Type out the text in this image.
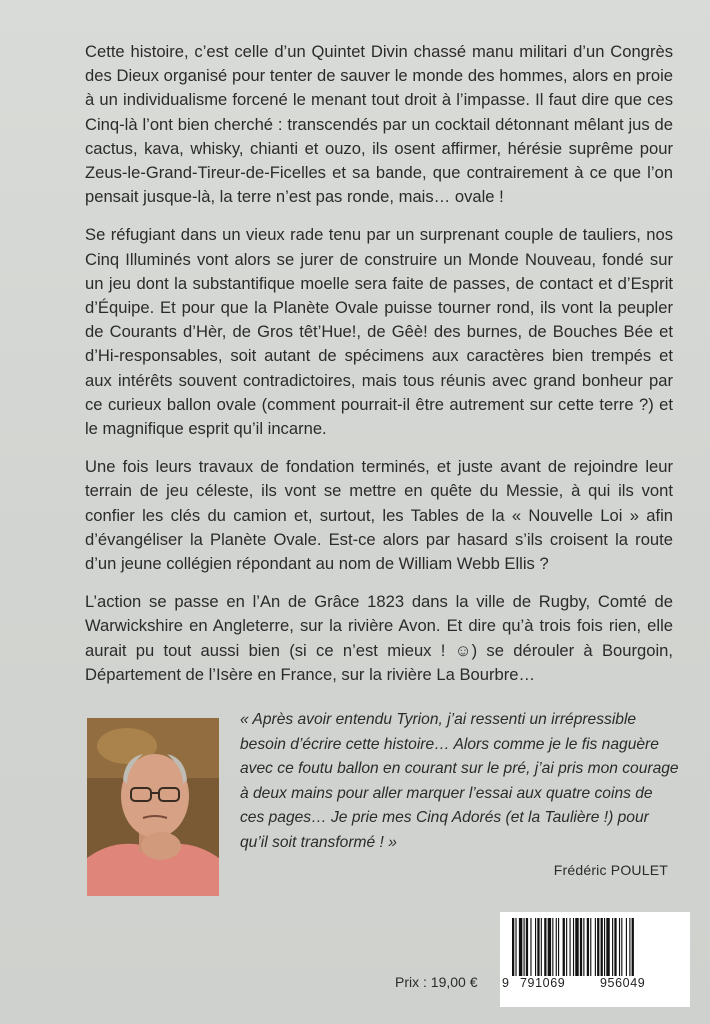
Cette histoire, c’est celle d’un Quintet Divin chassé manu militari d’un Congrès des Dieux organisé pour tenter de sauver le monde des hommes, alors en proie à un individualisme forcené le menant tout droit à l’impasse. Il faut dire que ces Cinq-là l’ont bien cherché : transcendés par un cocktail détonnant mêlant jus de cactus, kava, whisky, chianti et ouzo, ils osent affirmer, hérésie suprême pour Zeus-le-Grand-Tireur-de-Ficelles et sa bande, que contrairement à ce que l’on pensait jusque-là, la terre n’est pas ronde, mais… ovale !

Se réfugiant dans un vieux rade tenu par un surprenant couple de tauliers, nos Cinq Illuminés vont alors se jurer de construire un Monde Nouveau, fondé sur un jeu dont la substantifique moelle sera faite de passes, de contact et d’Esprit d’Équipe. Et pour que la Planète Ovale puisse tourner rond, ils vont la peupler de Courants d’Hèr, de Gros têt’Hue!, de Gêè! des burnes, de Bouches Bée et d’Hi-responsables, soit autant de spécimens aux caractères bien trempés et aux intérêts souvent contradictoires, mais tous réunis avec grand bonheur par ce curieux ballon ovale (comment pourrait-il être autrement sur cette terre ?) et le magnifique esprit qu’il incarne.

Une fois leurs travaux de fondation terminés, et juste avant de rejoindre leur terrain de jeu céleste, ils vont se mettre en quête du Messie, à qui ils vont confier les clés du camion et, surtout, les Tables de la « Nouvelle Loi » afin d’évangéliser la Planète Ovale. Est-ce alors par hasard s’ils croisent la route d’un jeune collégien répondant au nom de William Webb Ellis ?

L’action se passe en l’An de Grâce 1823 dans la ville de Rugby, Comté de Warwickshire en Angleterre, sur la rivière Avon. Et dire qu’à trois fois rien, elle aurait pu tout aussi bien (si ce n’est mieux ! ☺) se dérouler à Bourgoin, Département de l’Isère en France, sur la rivière La Bourbre…

« Après avoir entendu Tyrion, j’ai ressenti un irrépressible besoin d’écrire cette histoire… Alors comme je le fis naguère avec ce foutu ballon en courant sur le pré, j’ai pris mon courage à deux mains pour aller marquer l’essai aux quatre coins de ces pages… Je prie mes Cinq Adorés (et la Taulière !) pour qu’il soit transformé ! »

Frédéric POULET
Prix : 19,00 € 9 791069	956049
